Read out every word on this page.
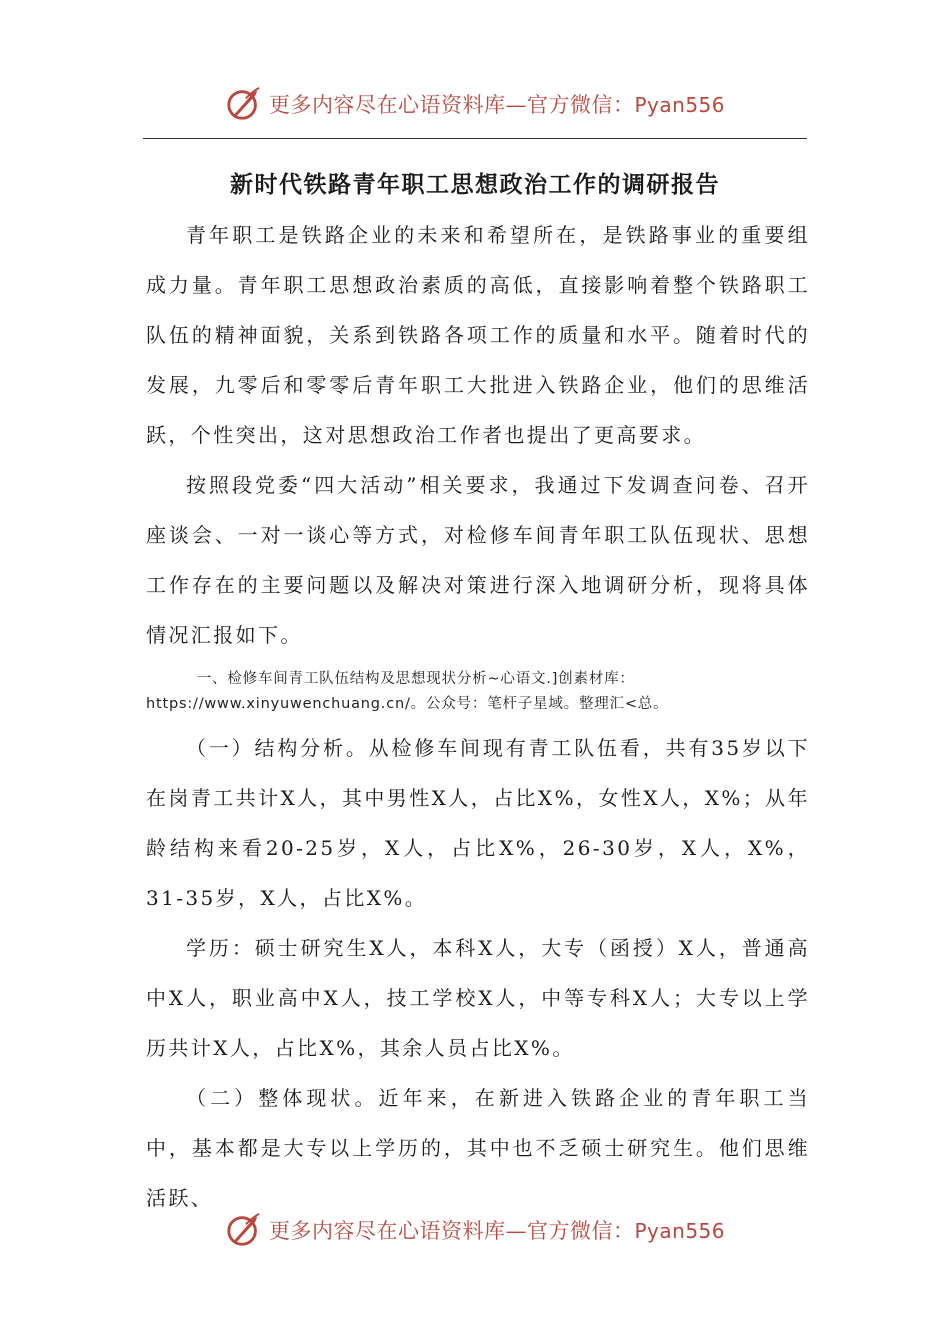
更多内容尽在心语资料库—官方微信：Pyan556
新时代铁路青年职工思想政治工作的调研报告

青年职工是铁路企业的未来和希望所在，是铁路事业的重要组成力量。青年职工思想政治素质的高低，直接影响着整个铁路职工队伍的精神面貌，关系到铁路各项工作的质量和水平。随着时代的发展，九零后和零零后青年职工大批进入铁路企业，他们的思维活跃，个性突出，这对思想政治工作者也提出了更高要求。

按照段党委“四大活动”相关要求，我通过下发调查问卷、召开座谈会、一对一谈心等方式，对检修车间青年职工队伍现状、思想工作存在的主要问题以及解决对策进行深入地调研分析，现将具体情况汇报如下。

一、检修车间青工队伍结构及思想现状分析~心语文.]创素材库：https://www.xinyuwenchuang.cn/。公众号：笔杆子星域。整理汇<总。

（一）结构分析。从检修车间现有青工队伍看，共有35岁以下在岗青工共计X人，其中男性X人，占比X%，女性X人，X%；从年龄结构来看20-25岁，X人，占比X%，26-30岁，X人，X%，31-35岁，X人，占比X%。

学历：硕士研究生X人，本科X人，大专（函授）X人，普通高中X人，职业高中X人，技工学校X人，中等专科X人；大专以上学历共计X人，占比X%，其余人员占比X%。

（二）整体现状。近年来，在新进入铁路企业的青年职工当中，基本都是大专以上学历的，其中也不乏硕士研究生。他们思维活跃、

更多内容尽在心语资料库—官方微信：Pyan556
